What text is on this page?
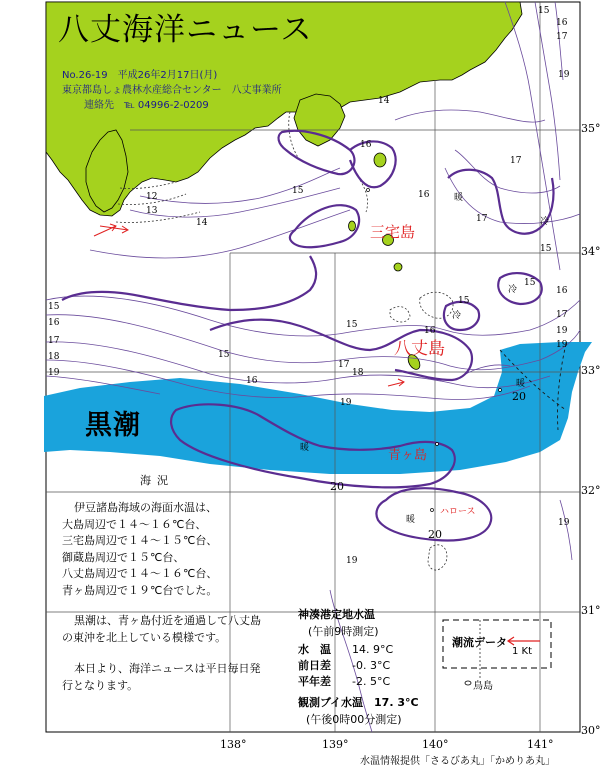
八丈海洋ニュース
No.26-19　平成26年2月17日(月)
東京都島しょ農林水産総合センター　八丈事業所
連絡先　℡ 04996-2-0209
三宅島
八丈島
青ヶ島
ハロース
黒潮
海況
伊豆諸島海域の海面水温は、
大島周辺で１４～１６℃台、
三宅島周辺で１４～１５℃台、
御蔵島周辺で１５℃台、
八丈島周辺で１４～１６℃台、
青ヶ島周辺で１９℃台でした。
黒潮は、青ヶ島付近を通過して八丈島
の東沖を北上している模様です。
本日より、海洋ニュースは平日毎日発
行となります。
神湊港定地水温
(午前9時測定)
水　温 14. 9°C
前日差 -0. 3°C
平年差 -2. 5°C
観測ブイ水温　17. 3°C
(午後0時00分測定)
潮流データ
1 Kt
鳥島
35°
34°
33°
32°
31°
30°
138°	139°	140°	141°
15	16
17
19
14
12
13
14
15
16
17
18
19
15
16
17
15
16
18
19	20
20
20
19
19
15
16
17
19
暖
暖
暖
暖
冷
冷
冷
17
15
15
16
15
17
19
16
水温情報提供「さるびあ丸」「かめりあ丸」
